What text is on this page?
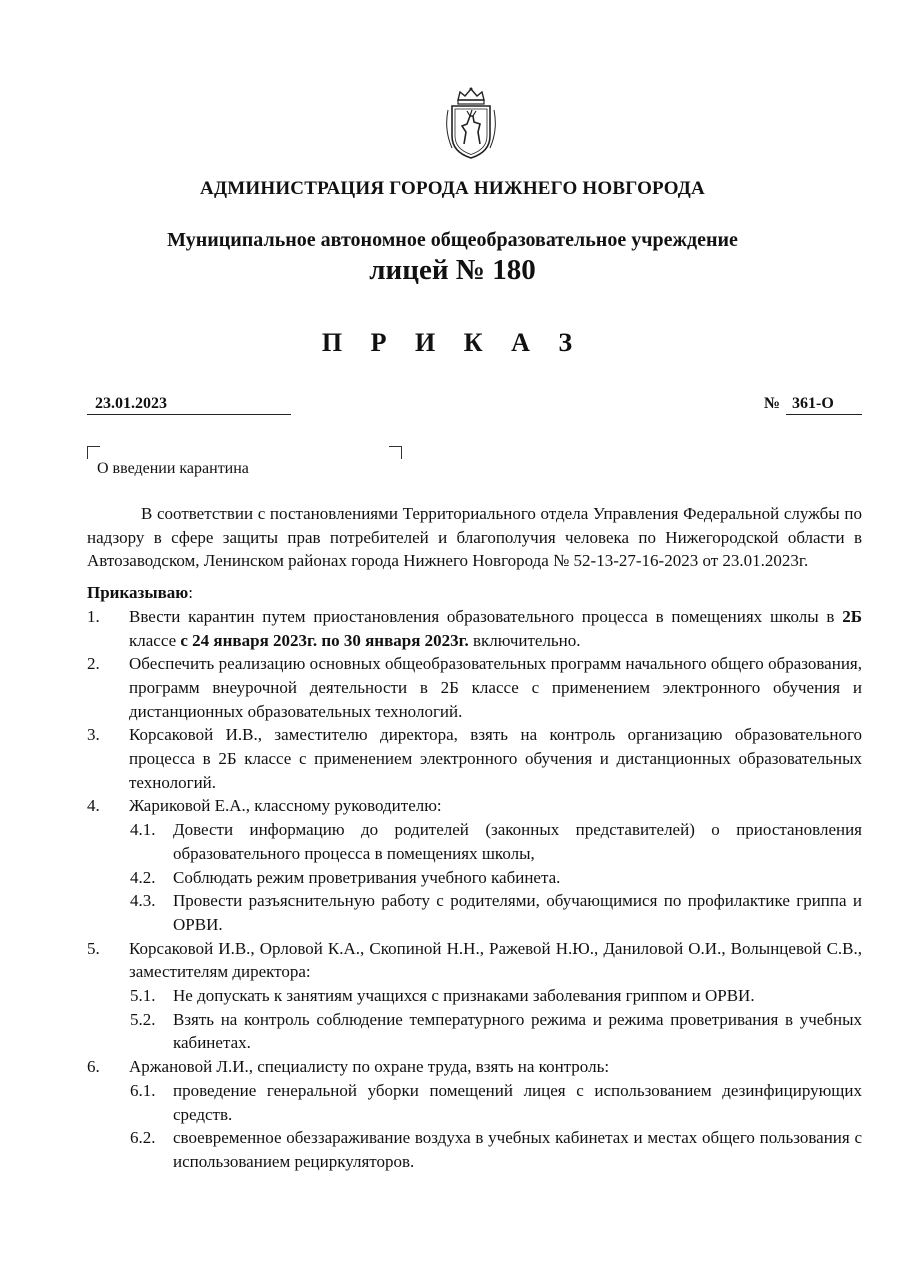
АДМИНИСТРАЦИЯ ГОРОДА НИЖНЕГО НОВГОРОДА
Муниципальное автономное общеобразовательное учреждение
лицей № 180
П Р И К А З
23.01.2023	№ 361-О
О введении карантина

В соответствии с постановлениями Территориального отдела Управления Федеральной службы по надзору в сфере защиты прав потребителей и благополучия человека по Нижегородской области в Автозаводском, Ленинском районах города Нижнего Новгорода № 52-13-27-16-2023 от 23.01.2023г.

Приказываю:
1. Ввести карантин путем приостановления образовательного процесса в помещениях школы в 2Б классе с 24 января 2023г. по 30 января 2023г. включительно.
2. Обеспечить реализацию основных общеобразовательных программ начального общего образования, программ внеурочной деятельности в 2Б классе с применением электронного обучения и дистанционных образовательных технологий.
3. Корсаковой И.В., заместителю директора, взять на контроль организацию образовательного процесса в 2Б классе с применением электронного обучения и дистанционных образовательных технологий.
4. Жариковой Е.А., классному руководителю:
4.1. Довести информацию до родителей (законных представителей) о приостановления образовательного процесса в помещениях школы,
4.2. Соблюдать режим проветривания учебного кабинета.
4.3. Провести разъяснительную работу с родителями, обучающимися по профилактике гриппа и ОРВИ.
5. Корсаковой И.В., Орловой К.А., Скопиной Н.Н., Ражевой Н.Ю., Даниловой О.И., Волынцевой С.В., заместителям директора:
5.1. Не допускать к занятиям учащихся с признаками заболевания гриппом и ОРВИ.
5.2. Взять на контроль соблюдение температурного режима и режима проветривания в учебных кабинетах.
6. Аржановой Л.И., специалисту по охране труда, взять на контроль:
6.1. проведение генеральной уборки помещений лицея с использованием дезинфицирующих средств.
6.2. своевременное обеззараживание воздуха в учебных кабинетах и местах общего пользования с использованием рециркуляторов.
